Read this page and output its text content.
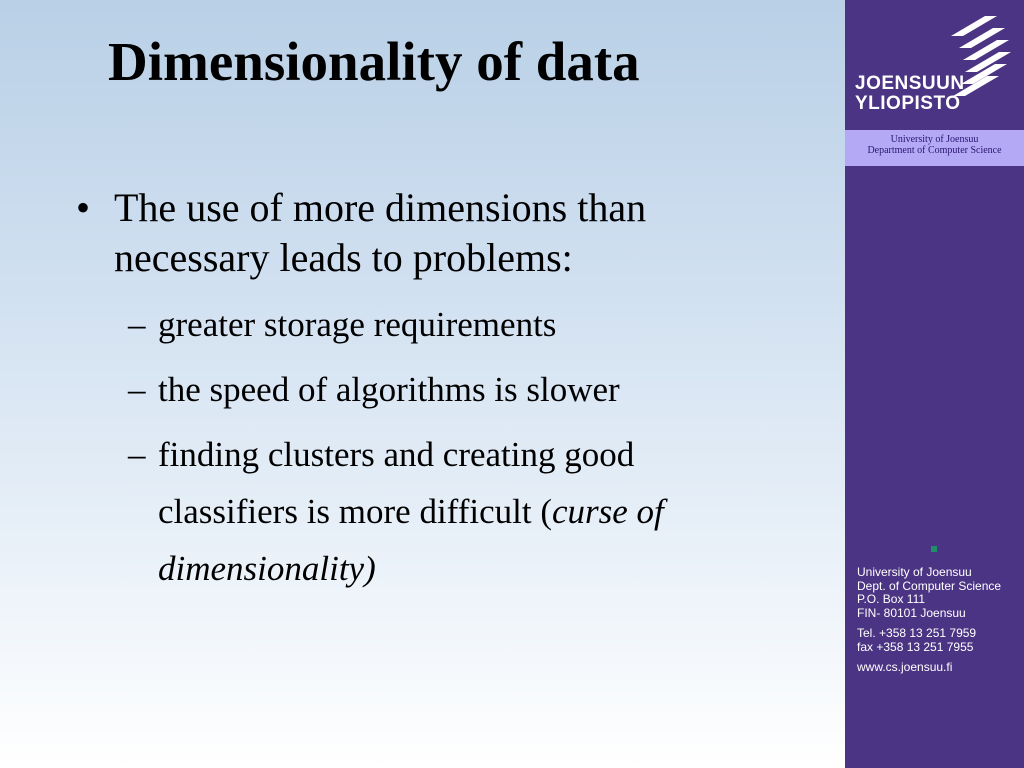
Dimensionality of data
• The use of more dimensions than necessary leads to problems:
– greater storage requirements
– the speed of algorithms is slower
– finding clusters and creating good classifiers is more difficult (curse of dimensionality)
JOENSUUN
YLIOPISTO
University of Joensuu
Department of Computer Science
University of Joensuu
Dept. of Computer Science
P.O. Box 111
FIN- 80101 Joensuu
Tel. +358 13 251 7959
fax +358 13 251 7955
www.cs.joensuu.fi
